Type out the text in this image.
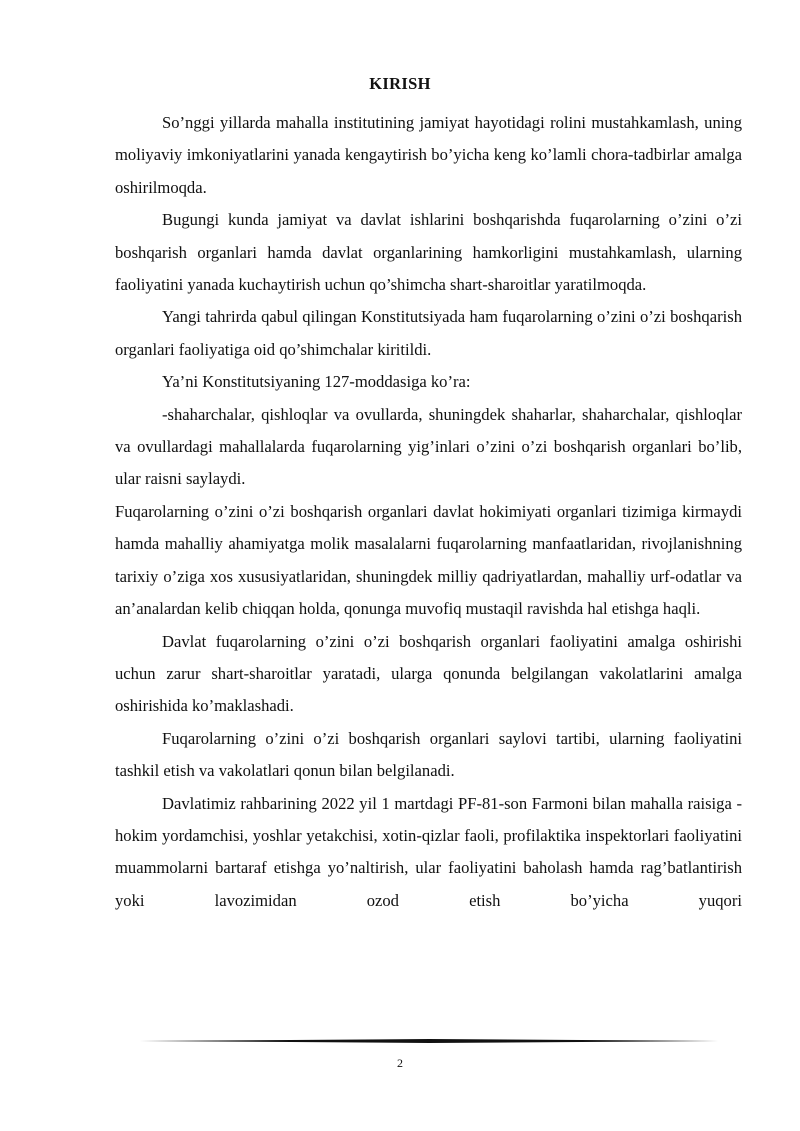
KIRISH

So’nggi yillarda mahalla institutining jamiyat hayotidagi rolini mustahkamlash, uning moliyaviy imkoniyatlarini yanada kengaytirish bo’yicha keng ko’lamli chora-tadbirlar amalga oshirilmoqda.

Bugungi kunda jamiyat va davlat ishlarini boshqarishda fuqarolarning o’zini o’zi boshqarish organlari hamda davlat organlarining hamkorligini mustahkamlash, ularning faoliyatini yanada kuchaytirish uchun qo’shimcha shart-sharoitlar yaratilmoqda.

Yangi tahrirda qabul qilingan Konstitutsiyada ham fuqarolarning o’zini o’zi boshqarish organlari faoliyatiga oid qo’shimchalar kiritildi.

Ya’ni Konstitutsiyaning 127-moddasiga ko’ra:

-shaharchalar, qishloqlar va ovullarda, shuningdek shaharlar, shaharchalar, qishloqlar va ovullardagi mahallalarda fuqarolarning yig’inlari o’zini o’zi boshqarish organlari bo’lib, ular raisni saylaydi.

Fuqarolarning o’zini o’zi boshqarish organlari davlat hokimiyati organlari tizimiga kirmaydi hamda mahalliy ahamiyatga molik masalalarni fuqarolarning manfaatlaridan, rivojlanishning tarixiy o’ziga xos xususiyatlaridan, shuningdek milliy qadriyatlardan, mahalliy urf-odatlar va an’analardan kelib chiqqan holda, qonunga muvofiq mustaqil ravishda hal etishga haqli.

Davlat fuqarolarning o’zini o’zi boshqarish organlari faoliyatini amalga oshirishi uchun zarur shart-sharoitlar yaratadi, ularga qonunda belgilangan vakolatlarini amalga oshirishida ko’maklashadi.

Fuqarolarning o’zini o’zi boshqarish organlari saylovi tartibi, ularning faoliyatini tashkil etish va vakolatlari qonun bilan belgilanadi.

Davlatimiz rahbarining 2022 yil 1 martdagi PF-81-son Farmoni bilan mahalla raisiga - hokim yordamchisi, yoshlar yetakchisi, xotin-qizlar faoli, profilaktika inspektorlari faoliyatini muammolarni bartaraf etishga yo’naltirish, ular faoliyatini baholash hamda rag’batlantirish yoki lavozimidan ozod etish bo’yicha yuqori

2
